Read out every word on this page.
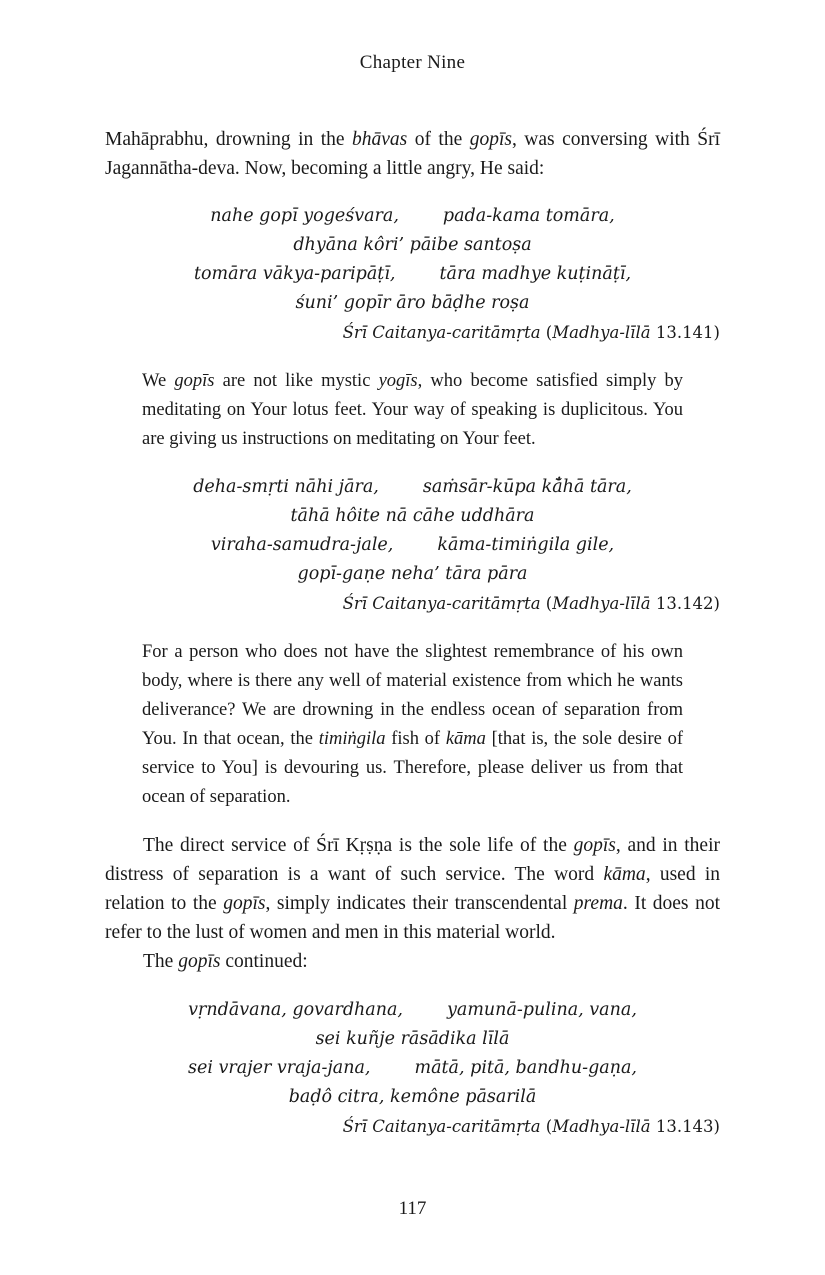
Chapter Nine

Mahāprabhu, drowning in the bhāvas of the gopīs, was conversing with Śrī Jagannātha-deva. Now, becoming a little angry, He said:

nahe gopī yogeśvara,	pada-kama tomāra,
dhyāna kôri’ pāibe santoṣa
tomāra vākya-paripāṭī,	tāra madhye kuṭināṭī,
śuni’ gopīr āro bāḍhe roṣa
Śrī Caitanya-caritāmṛta (Madhya-līlā 13.141)
We gopīs are not like mystic yogīs, who become satisfied simply by meditating on Your lotus feet. Your way of speaking is duplicitous. You are giving us instructions on meditating on Your feet.
deha-smṛti nāhi jāra,	saṁsār-kūpa kā̐hā tāra,
tāhā hôite nā cāhe uddhāra
viraha-samudra-jale,	kāma-timiṅgila gile,
gopī-gaṇe neha’ tāra pāra
Śrī Caitanya-caritāmṛta (Madhya-līlā 13.142)
For a person who does not have the slightest remembrance of his own body, where is there any well of material existence from which he wants deliverance? We are drowning in the endless ocean of separation from You. In that ocean, the timiṅgila fish of kāma [that is, the sole desire of service to You] is devouring us. Therefore, please deliver us from that ocean of separation.

The direct service of Śrī Kṛṣṇa is the sole life of the gopīs, and in their distress of separation is a want of such service. The word kāma, used in relation to the gopīs, simply indicates their transcendental prema. It does not refer to the lust of women and men in this material world.

The gopīs continued:

vṛndāvana, govardhana,	yamunā-pulina, vana,
sei kuñje rāsādika līlā
sei vrajer vraja-jana,	mātā, pitā, bandhu-gaṇa,
baḍô citra, kemône pāsarilā
Śrī Caitanya-caritāmṛta (Madhya-līlā 13.143)
117
